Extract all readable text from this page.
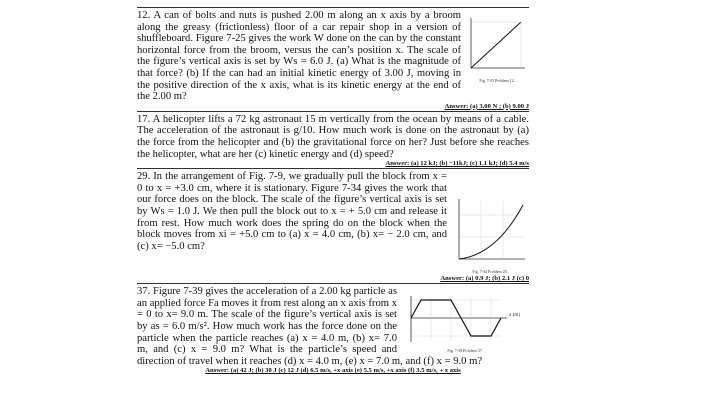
Fig. 7-25 Problem 12.
12. A can of bolts and nuts is pushed 2.00 m along an x axis by a broom along the greasy (frictionless) floor of a car repair shop in a version of shuffleboard. Figure 7-25 gives the work W done on the can by the constant horizontal force from the broom, versus the can’s position x. The scale of the figure’s vertical axis is set by Ws = 6.0 J. (a) What is the magnitude of that force? (b) If the can had an initial kinetic energy of 3.00 J, moving in the positive direction of the x axis, what is its kinetic energy at the end of the 2.00 m?
Answer: (a) 3.00 N ; (b) 9.00 J
17. A helicopter lifts a 72 kg astronaut 15 m vertically from the ocean by means of a cable. The acceleration of the astronaut is g/10. How much work is done on the astronaut by (a) the force from the helicopter and (b) the gravitational force on her? Just before she reaches the helicopter, what are her (c) kinetic energy and (d) speed?
Answer: (a) 12 kJ; (b) −11kJ; (c) 1.1 kJ; (d) 5.4 m/s
Fig. 7-34 Problem 29.
29. In the arrangement of Fig. 7-9, we gradually pull the block from x = 0 to x = +3.0 cm, where it is stationary. Figure 7-34 gives the work that our force does on the block. The scale of the figure’s vertical axis is set by Ws = 1.0 J. We then pull the block out to x = + 5.0 cm and release it from rest. How much work does the spring do on the block when the block moves from xi = +5.0 cm to (a) x = 4.0 cm, (b) x= − 2.0 cm, and (c) x= −5.0 cm?
Answer: (a) 0.9 J; (b) 2.1 J (c) 0
x (m)
Fig. 7-39 Problem 37.
37. Figure 7-39 gives the acceleration of a 2.00 kg particle as an applied force Fa moves it from rest along an x axis from x = 0 to x= 9.0 m. The scale of the figure’s vertical axis is set by as = 6.0 m/s². How much work has the force done on the particle when the particle reaches (a) x = 4.0 m, (b) x= 7.0 m, and (c) x = 9.0 m? What is the particle’s speed and direction of travel when it reaches (d) x = 4.0 m, (e) x = 7.0 m, and (f) x = 9.0 m?
Answer: (a) 42 J; (b) 30 J (c) 12 J (d) 6.5 m/s, +x axis (e) 5.5 m/s, +x axis (f) 3.5 m/s, + x axis
